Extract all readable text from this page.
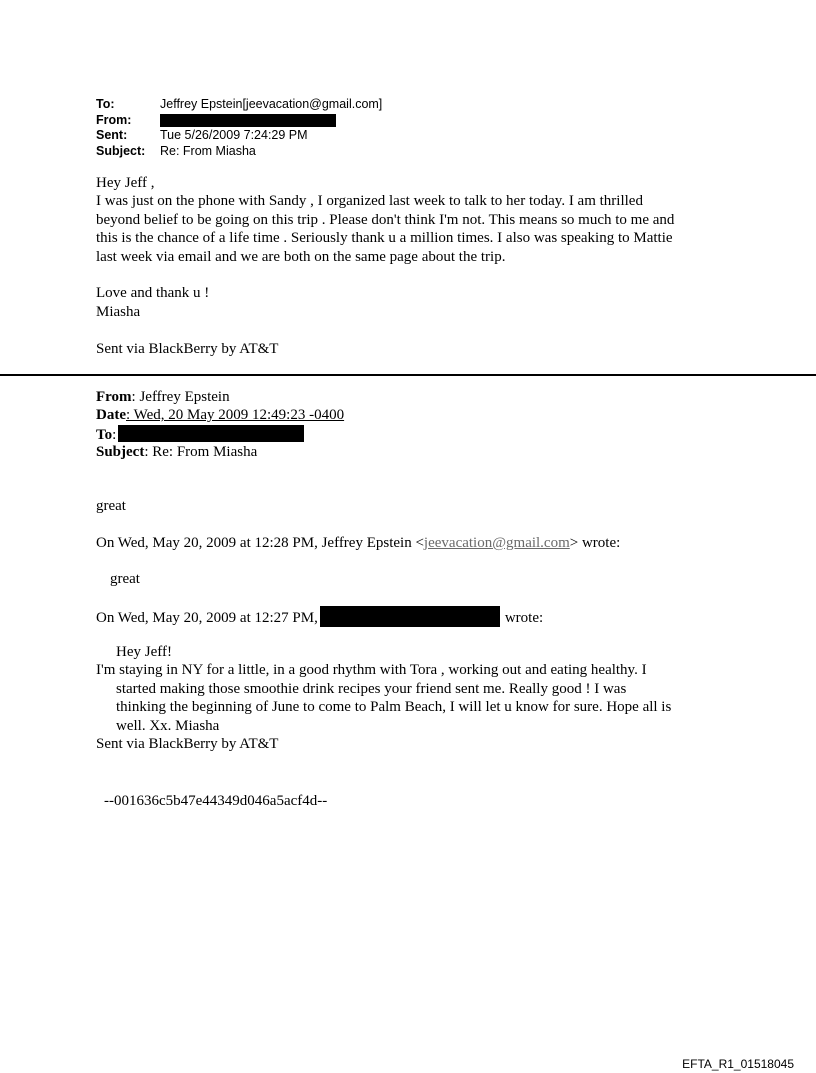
To:	Jeffrey Epstein[jeevacation@gmail.com]
From:
Sent:	Tue 5/26/2009 7:24:29 PM
Subject:	Re: From Miasha
Hey Jeff ,
I was just on the phone with Sandy , I organized last week to talk to her today. I am thrilled
beyond belief to be going on this trip . Please don't think I'm not. This means so much to me and
this is the chance of a life time . Seriously thank u a million times. I also was speaking to Mattie
last week via email and we are both on the same page about the trip.
Love and thank u !
Miasha
Sent via BlackBerry by AT&T
From: Jeffrey Epstein
Date: Wed, 20 May 2009 12:49:23 -0400
To:
Subject: Re: From Miasha
great
On Wed, May 20, 2009 at 12:28 PM, Jeffrey Epstein <jeevacation@gmail.com> wrote:
great
On Wed, May 20, 2009 at 12:27 PM,	wrote:
Hey Jeff!
I'm staying in NY for a little, in a good rhythm with Tora , working out and eating healthy. I
started making those smoothie drink recipes your friend sent me. Really good ! I was
thinking the beginning of June to come to Palm Beach, I will let u know for sure. Hope all is
well. Xx. Miasha
Sent via BlackBerry by AT&T
--001636c5b47e44349d046a5acf4d--
EFTA_R1_01518045
